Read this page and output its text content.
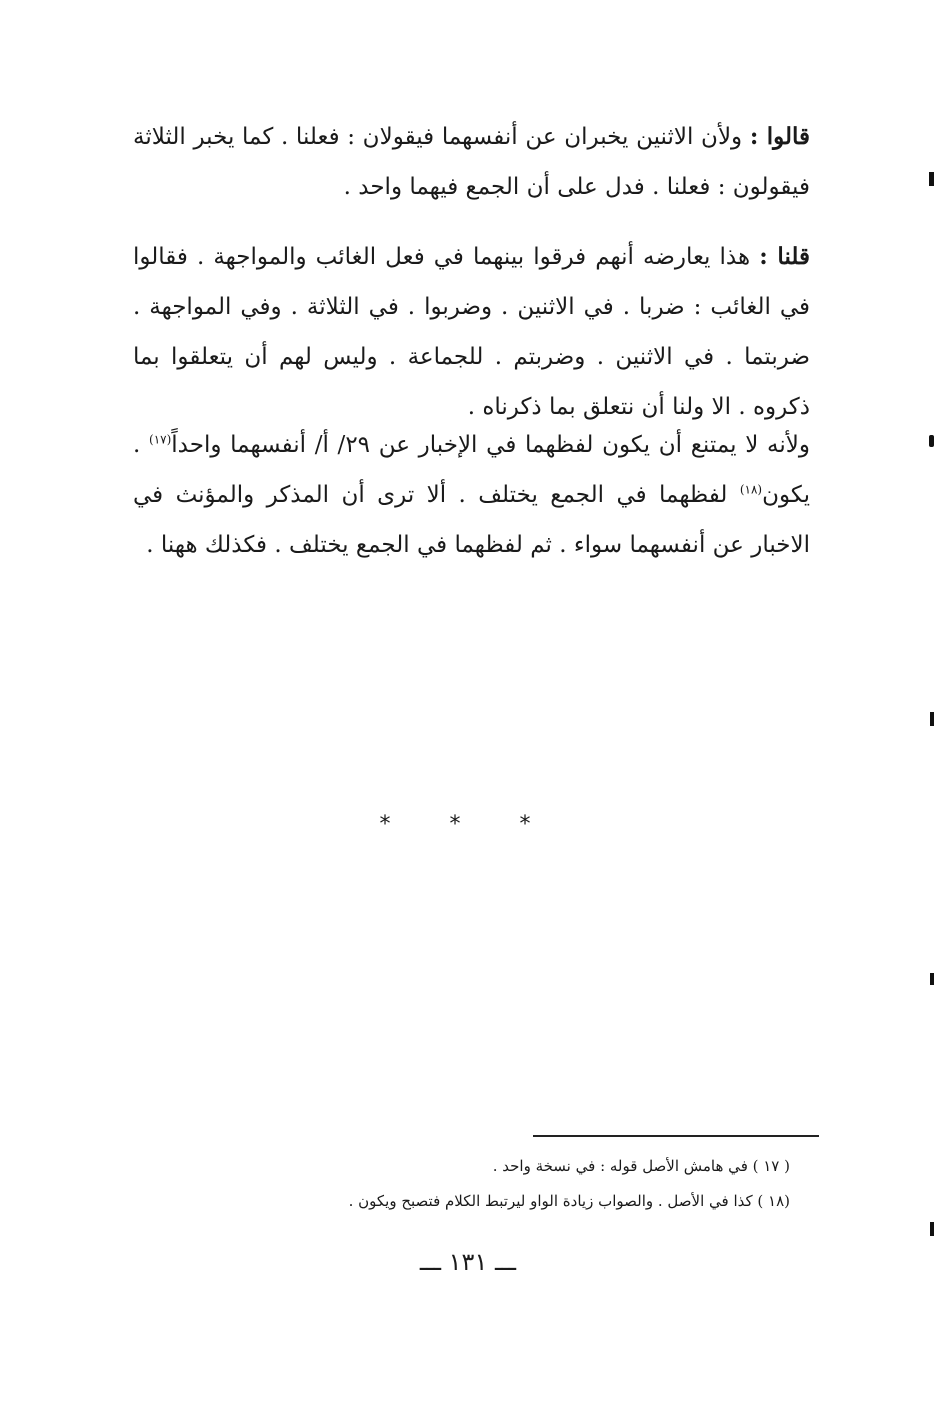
قالوا : ولأن الاثنين يخبران عن أنفسهما فيقولان : فعلنا . كما يخبر الثلاثة فيقولون : فعلنا . فدل على أن الجمع فيهما واحد .

قلنا : هذا يعارضه أنهم فرقوا بينهما في فعل الغائب والمواجهة . فقالوا في الغائب : ضربا . في الاثنين . وضربوا . في الثلاثة . وفي المواجهة . ضربتما . في الاثنين . وضربتم . للجماعة . وليس لهم أن يتعلقوا بما ذكروه . الا ولنا أن نتعلق بما ذكرناه .

ولأنه لا يمتنع أن يكون لفظهما في الإخبار عن ٢٩/ أ/ أنفسهما واحداً$^{(١٧)}$ . يكون$^{(١٨)}$ لفظهما في الجمع يختلف . ألا ترى أن المذكر والمؤنث في الاخبار عن أنفسهما سواء . ثم لفظهما في الجمع يختلف . فكذلك ههنا .

* * *
( ١٧ ) في هامش الأصل قوله : في نسخة واحد .
(١٨ ) كذا في الأصل . والصواب زيادة الواو ليرتبط الكلام فتصبح ويكون .
ـــ ١٣١ ـــ
